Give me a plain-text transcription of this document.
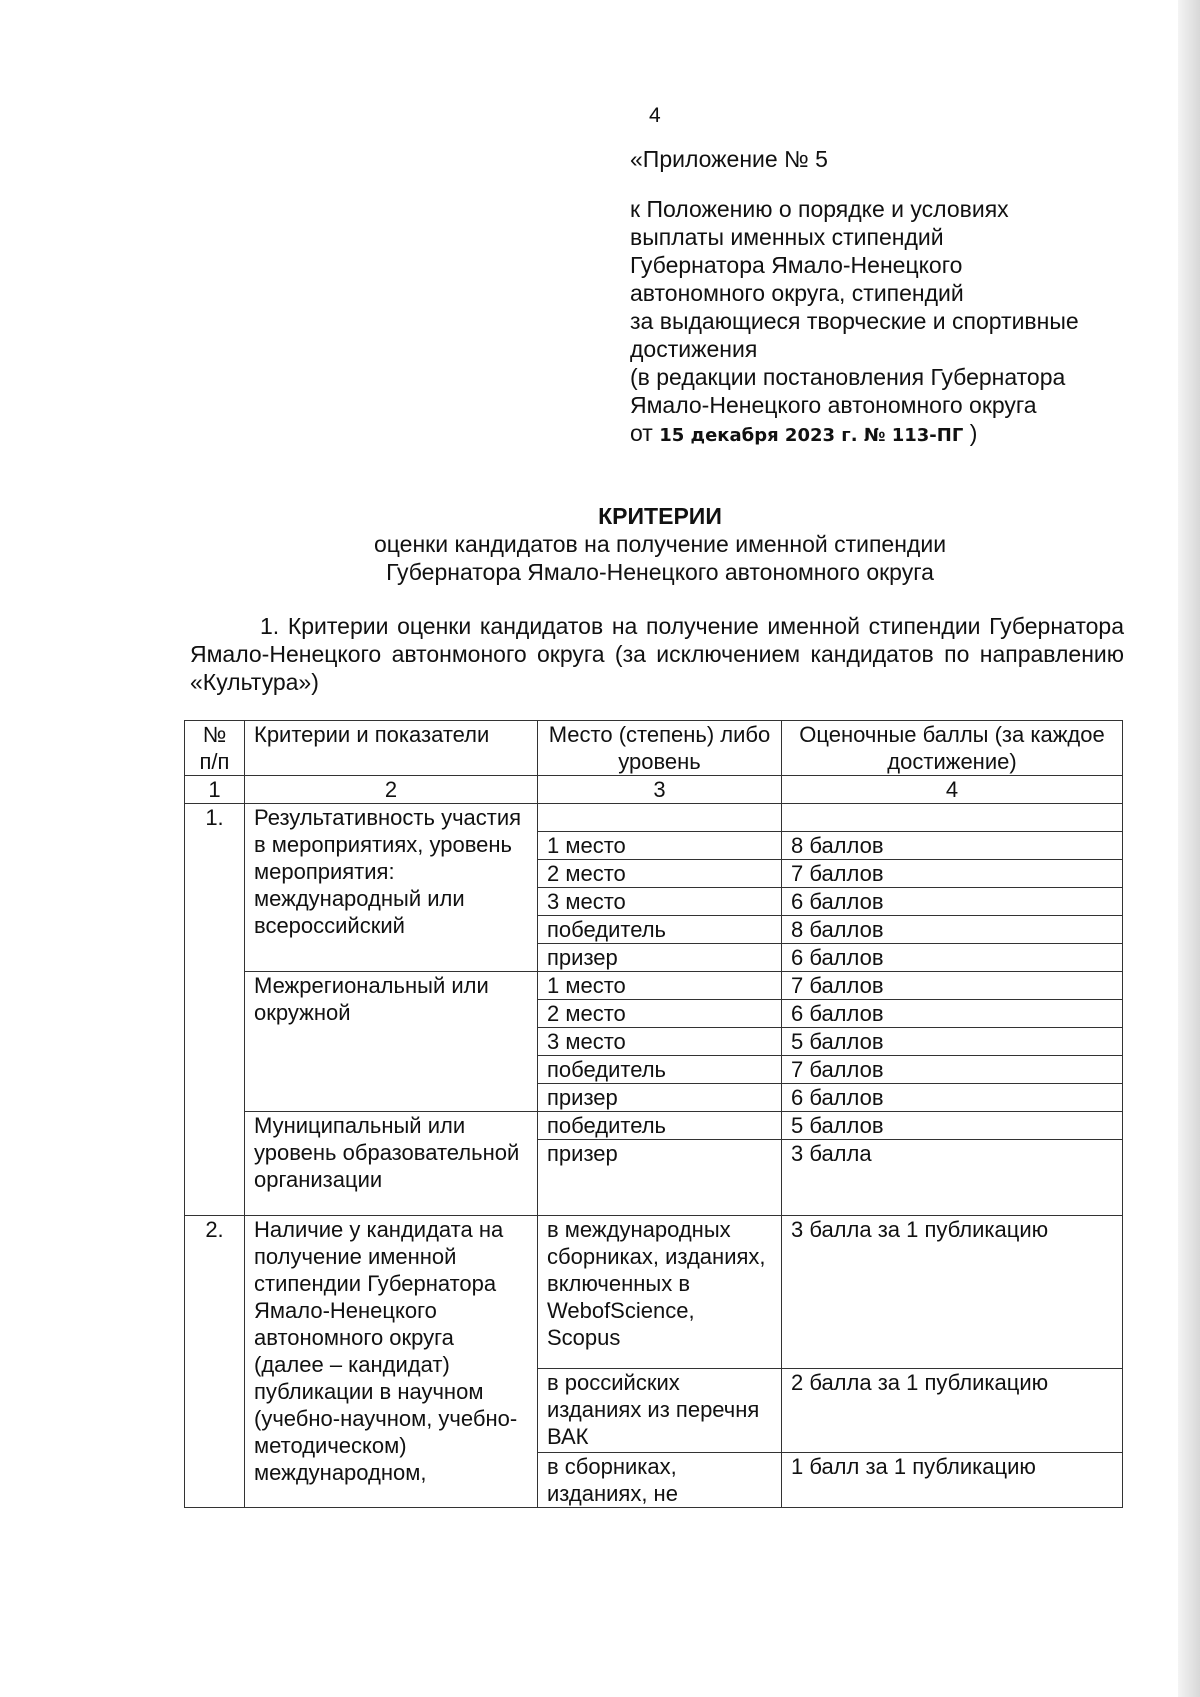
4
«Приложение № 5
к Положению о порядке и условиях
выплаты именных стипендий
Губернатора Ямало-Ненецкого
автономного округа, стипендий
за выдающиеся творческие и спортивные
достижения
(в редакции постановления Губернатора
Ямало-Ненецкого автономного округа
от 15 декабря 2023 г. № 113-ПГ )
КРИТЕРИИ
оценки кандидатов на получение именной стипендии
Губернатора Ямало-Ненецкого автономного округа
1. Критерии оценки кандидатов на получение именной стипендии Губернатора Ямало-Ненецкого автонмоного округа (за исключением кандидатов по направлению «Культура»)
№ п/п	Критерии и показатели	Место (степень) либо уровень	Оценочные баллы (за каждое достижение)
1	2	3	4
1.	Результативность участия в мероприятиях, уровень мероприятия: международный или всероссийский		
		1 место	8 баллов
		2 место	7 баллов
		3 место	6 баллов
		победитель	8 баллов
		призер	6 баллов
	Межрегиональный или окружной	1 место	7 баллов
		2 место	6 баллов
		3 место	5 баллов
		победитель	7 баллов
		призер	6 баллов
	Муниципальный или уровень образовательной организации	победитель	5 баллов
		призер	3 балла

2.	Наличие у кандидата на получение именной стипендии Губернатора Ямало-Ненецкого автономного округа (далее – кандидат) публикации в научном (учебно-научном, учебно-методическом) международном,	в международных сборниках, изданиях, включенных в WebofScience, Scopus	3 балла за 1 публикацию
		в российских изданиях из перечня ВАК	2 балла за 1 публикацию
		в сборниках, изданиях, не	1 балл за 1 публикацию
